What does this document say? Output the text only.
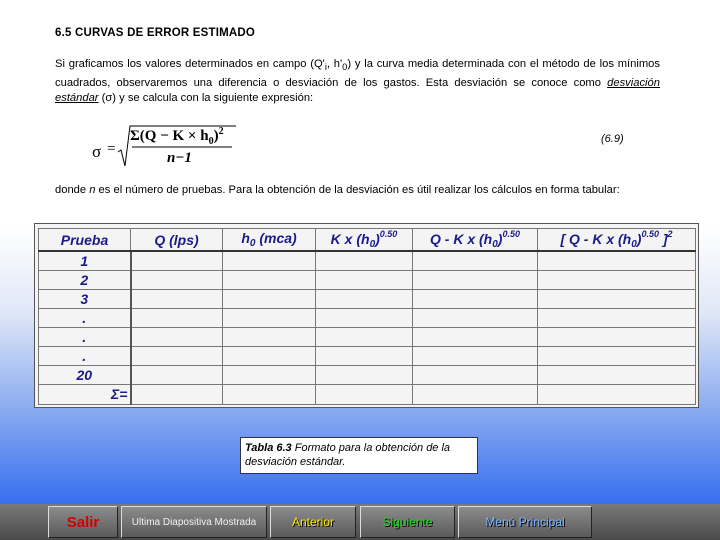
6.5 CURVAS DE ERROR ESTIMADO
Si graficamos los valores determinados en campo ($Q'_i$, $h'_0$) y la curva media determinada con el método de los mínimos cuadrados, observaremos una diferencia o desviación de los gastos. Esta desviación se conoce como desviación estándar (σ) y se calcula con la siguiente expresión:
σ =
$\Sigma(Q - K \times h_0)^2$
n−1
(6.9)
donde n es el número de pruebas. Para la obtención de la desviación es útil realizar los cálculos en forma tabular:
Prueba	Q (lps)	$h_0$ (mca)	K x $(h_0)^{0.50}$	Q - K x $(h_0)^{0.50}$	[ Q - K x $(h_0)^{0.50}$ ]$^2$
1					
2					
3					
.					
.					
.					
20					
Σ=					
Tabla 6.3 Formato para la obtención de la desviación estándar.
Salir	Ultima Diapositiva Mostrada	Anterior	Siguiente	Menú Principal
